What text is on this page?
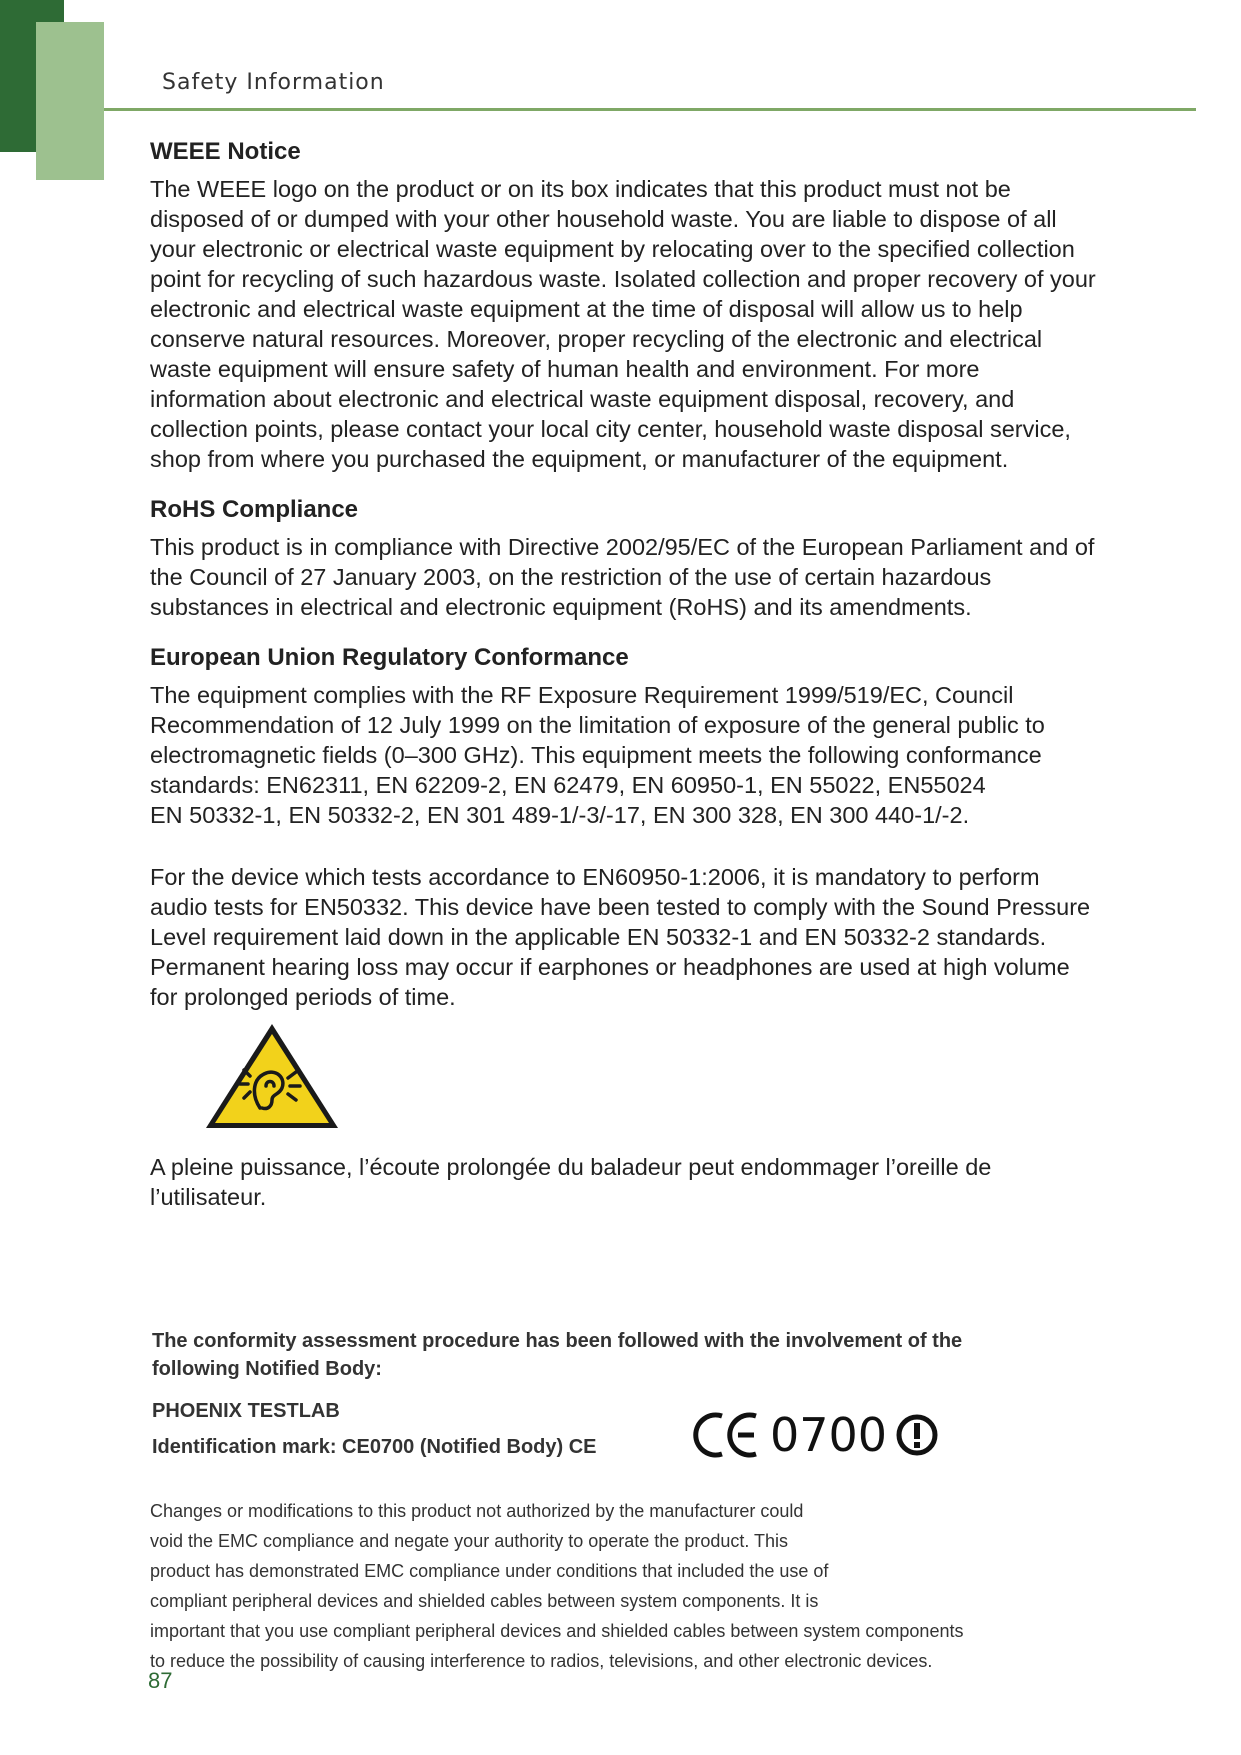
Safety Information
WEEE Notice

The WEEE logo on the product or on its box indicates that this product must not be disposed of or dumped with your other household waste. You are liable to dispose of all your electronic or electrical waste equipment by relocating over to the specified collection point for recycling of such hazardous waste. Isolated collection and proper recovery of your electronic and electrical waste equipment at the time of disposal will allow us to help conserve natural resources. Moreover, proper recycling of the electronic and electrical waste equipment will ensure safety of human health and environment. For more information about electronic and electrical waste equipment disposal, recovery, and collection points, please contact your local city center, household waste disposal service, shop from where you purchased the equipment, or manufacturer of the equipment.

RoHS Compliance

This product is in compliance with Directive 2002/95/EC of the European Parliament and of the Council of 27 January 2003, on the restriction of the use of certain hazardous substances in electrical and electronic equipment (RoHS) and its amendments.

European Union Regulatory Conformance

The equipment complies with the RF Exposure Requirement 1999/519/EC, Council Recommendation of 12 July 1999 on the limitation of exposure of the general public to electromagnetic fields (0–300 GHz). This equipment meets the following conformance standards: EN62311, EN 62209-2, EN 62479, EN 60950-1, EN 55022, EN55024
EN 50332-1, EN 50332-2, EN 301 489-1/-3/-17, EN 300 328, EN 300 440-1/-2.

For the device which tests accordance to EN60950-1:2006, it is mandatory to perform audio tests for EN50332. This device have been tested to comply with the Sound Pressure Level requirement laid down in the applicable EN 50332-1 and EN 50332-2 standards. Permanent hearing loss may occur if earphones or headphones are used at high volume for prolonged periods of time.

A pleine puissance, l’écoute prolongée du baladeur peut endommager l’oreille de l’utilisateur.

The conformity assessment procedure has been followed with the involvement of the
following Notified Body:
PHOENIX TESTLAB
Identification mark: CE0700 (Notified Body) CE	0700
Changes or modifications to this product not authorized by the manufacturer could
void the EMC compliance and negate your authority to operate the product. This
product has demonstrated EMC compliance under conditions that included the use of
compliant peripheral devices and shielded cables between system components. It is
important that you use compliant peripheral devices and shielded cables between system components
to reduce the possibility of causing interference to radios, televisions, and other electronic devices.
87
